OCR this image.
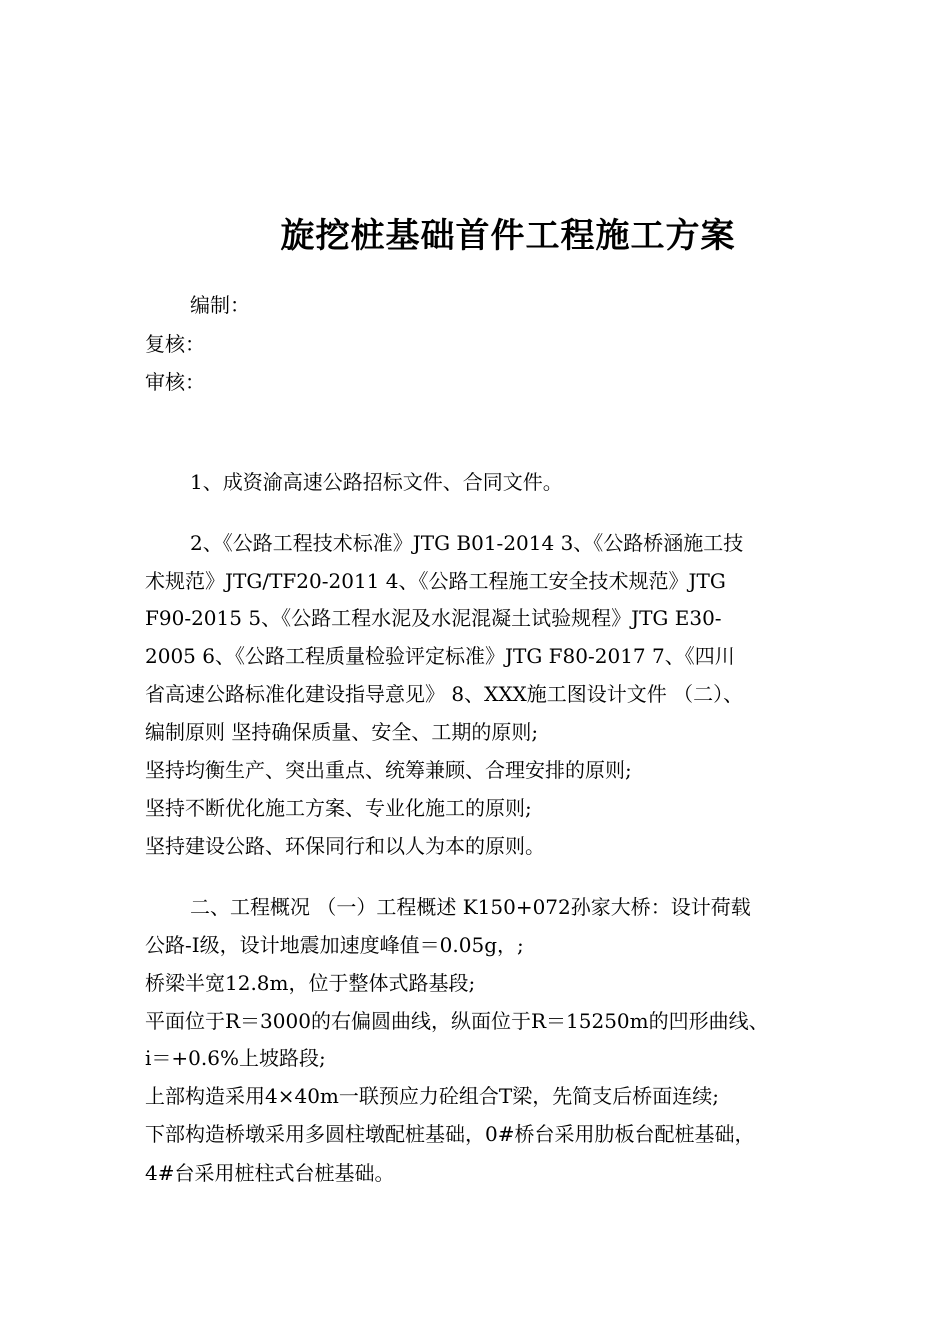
旋挖桩基础首件工程施工方案
编制：
复核：
审核：
1、成资渝高速公路招标文件、合同文件。
2、《公路工程技术标准》JTG B01-2014 3、《公路桥涵施工技
术规范》JTG/TF20-2011 4、《公路工程施工安全技术规范》JTG
F90-2015 5、《公路工程水泥及水泥混凝土试验规程》JTG E30-
2005 6、《公路工程质量检验评定标准》JTG F80-2017 7、《四川
省高速公路标准化建设指导意见》 8、XXX施工图设计文件 （二）、
编制原则 坚持确保质量、安全、工期的原则;
坚持均衡生产、突出重点、统筹兼顾、合理安排的原则;
坚持不断优化施工方案、专业化施工的原则;
坚持建设公路、环保同行和以人为本的原则。
二、工程概况 （一）工程概述 K150+072孙家大桥：设计荷载
公路-Ⅰ级，设计地震加速度峰值＝0.05g，;
桥梁半宽12.8m，位于整体式路基段;
平面位于R＝3000的右偏圆曲线，纵面位于R＝15250m的凹形曲线、
i＝+0.6%上坡路段;
上部构造采用4×40m一联预应力砼组合T梁，先简支后桥面连续;
下部构造桥墩采用多圆柱墩配桩基础，0#桥台采用肋板台配桩基础，
4#台采用桩柱式台桩基础。
